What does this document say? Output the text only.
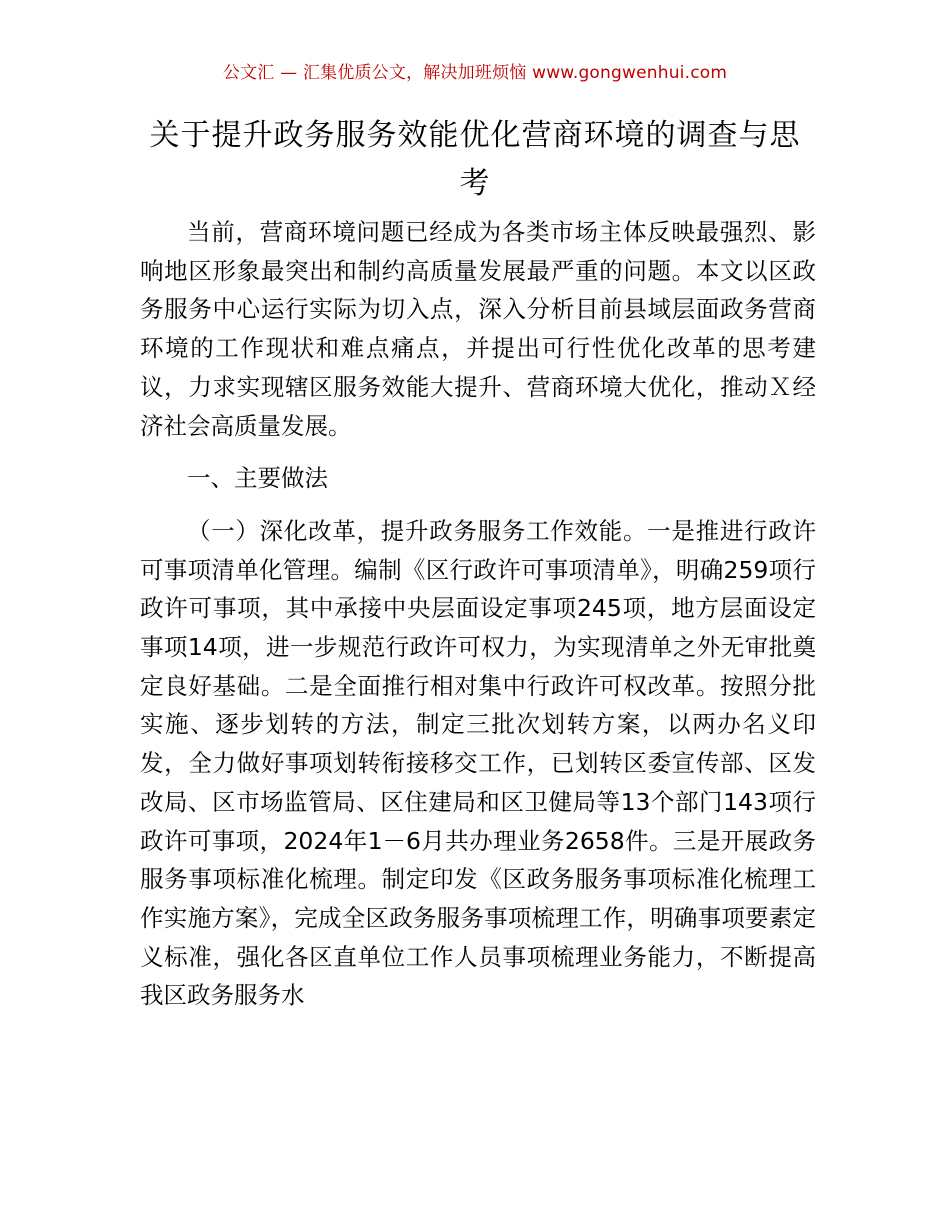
公文汇 — 汇集优质公文，解决加班烦恼 www.gongwenhui.com
关于提升政务服务效能优化营商环境的调查与思考

当前，营商环境问题已经成为各类市场主体反映最强烈、影响地区形象最突出和制约高质量发展最严重的问题。本文以区政务服务中心运行实际为切入点，深入分析目前县域层面政务营商环境的工作现状和难点痛点，并提出可行性优化改革的思考建议，力求实现辖区服务效能大提升、营商环境大优化，推动Ｘ经济社会高质量发展。

一、主要做法

（一）深化改革，提升政务服务工作效能。一是推进行政许可事项清单化管理。编制《区行政许可事项清单》，明确259项行政许可事项，其中承接中央层面设定事项245项，地方层面设定事项14项，进一步规范行政许可权力，为实现清单之外无审批奠定良好基础。二是全面推行相对集中行政许可权改革。按照分批实施、逐步划转的方法，制定三批次划转方案，以两办名义印发，全力做好事项划转衔接移交工作，已划转区委宣传部、区发改局、区市场监管局、区住建局和区卫健局等13个部门143项行政许可事项，2024年1－6月共办理业务2658件。三是开展政务服务事项标准化梳理。制定印发《区政务服务事项标准化梳理工作实施方案》，完成全区政务服务事项梳理工作，明确事项要素定义标准，强化各区直单位工作人员事项梳理业务能力，不断提高我区政务服务水
